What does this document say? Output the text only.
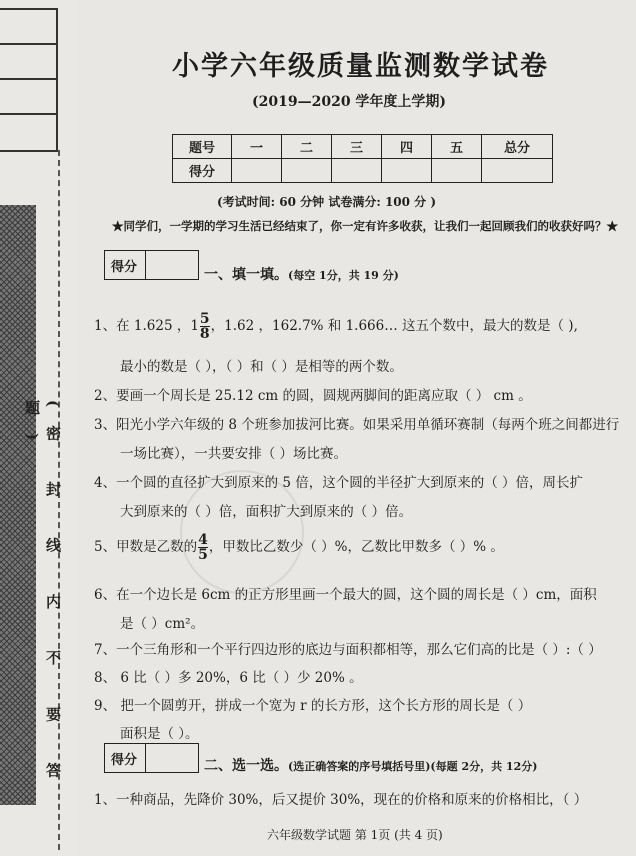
(密 封 线 内 不 要 答 题)
小学六年级质量监测数学试卷
(2019—2020 学年度上学期)
题号	一	二	三	四	五	总分
得分						
(考试时间: 60 分钟 试卷满分: 100 分 )
★同学们，一学期的学习生活已经结束了，你一定有许多收获，让我们一起回顾我们的收获好吗？★
得分		一、填一填。(每空 1分，共 19 分)
1、在 1.625 ，$1 \frac{5}{8}$ ，1.62 ，162.7% 和 1.666… 这五个数中，最大的数是（ ),
最小的数是（ ），（ ）和（ ）是相等的两个数。
2、要画一个周长是 25.12 cm 的圆，圆规两脚间的距离应取（ ） cm 。
3、阳光小学六年级的 8 个班参加拔河比赛。如果采用单循环赛制（每两个班之间都进行
一场比赛），一共要安排（ ）场比赛。
4、一个圆的直径扩大到原来的 5 倍，这个圆的半径扩大到原来的（ ）倍，周长扩
大到原来的（ ）倍，面积扩大到原来的（ ）倍。
5、甲数是乙数的 $\frac{4}{5}$ ，甲数比乙数少（ ）%，乙数比甲数多（ ）% 。
6、在一个边长是 6cm 的正方形里画一个最大的圆，这个圆的周长是（ ）cm，面积
是（ ）cm²。
7、一个三角形和一个平行四边形的底边与面积都相等，那么它们高的比是（ ）:（ ）
8、 6 比（ ）多 20%，6 比（ ）少 20% 。
9、 把一个圆剪开，拼成一个宽为 r 的长方形，这个长方形的周长是（ ）
面积是（ ）。
得分		二、选一选。(选正确答案的序号填括号里)(每题 2分，共 12分)
1、一种商品，先降价 30%，后又提价 30%，现在的价格和原来的价格相比，（ ）
六年级数学试题 第 1页 (共 4 页)
